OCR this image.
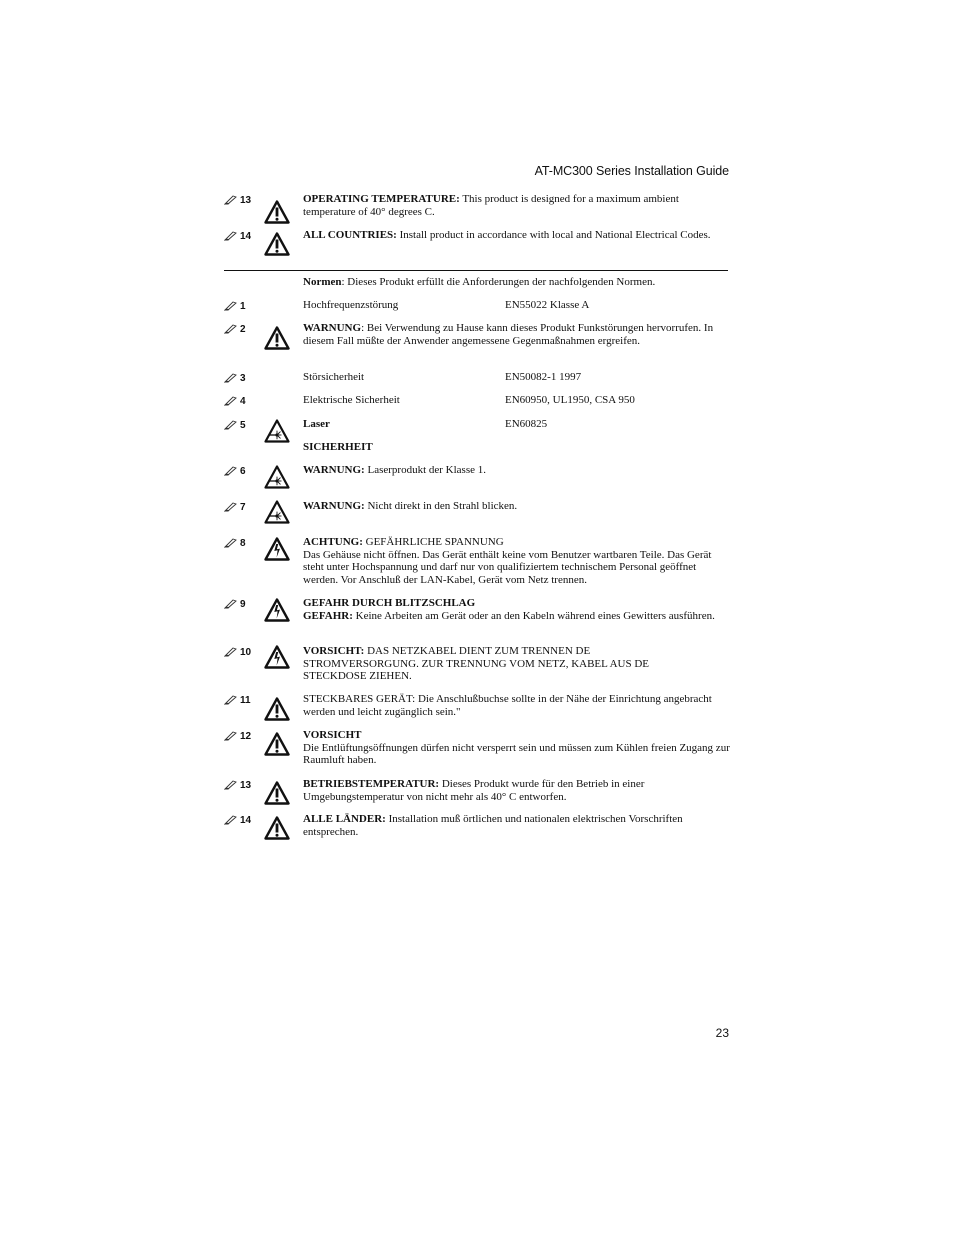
AT-MC300 Series Installation Guide
13	OPERATING TEMPERATURE: This product is designed for a maximum ambient temperature of 40° degrees C.
14	ALL COUNTRIES: Install product in accordance with local and National Electrical Codes.
Normen: Dieses Produkt erfüllt die Anforderungen der nachfolgenden Normen.
1	Hochfrequenzstörung	EN55022 Klasse A
2	WARNUNG: Bei Verwendung zu Hause kann dieses Produkt Funkstörungen hervorrufen. In diesem Fall müßte der Anwender angemessene Gegenmaßnahmen ergreifen.
3	Störsicherheit	EN50082-1 1997
4	Elektrische Sicherheit	EN60950, UL1950, CSA 950
5	Laser	EN60825
SICHERHEIT
6	WARNUNG: Laserprodukt der Klasse 1.
7	WARNUNG: Nicht direkt in den Strahl blicken.
8	ACHTUNG: GEFÄHRLICHE SPANNUNG
Das Gehäuse nicht öffnen. Das Gerät enthält keine vom Benutzer wartbaren Teile. Das Gerät steht unter Hochspannung und darf nur von qualifiziertem technischem Personal geöffnet werden. Vor Anschluß der LAN-Kabel, Gerät vom Netz trennen.
9	GEFAHR DURCH BLITZSCHLAG
GEFAHR: Keine Arbeiten am Gerät oder an den Kabeln während eines Gewitters ausführen.
10	VORSICHT: DAS NETZKABEL DIENT ZUM TRENNEN DE STROMVERSORGUNG. ZUR TRENNUNG VOM NETZ, KABEL AUS DE STECKDOSE ZIEHEN.
11	STECKBARES GERÄT: Die Anschlußbuchse sollte in der Nähe der Einrichtung angebracht werden und leicht zugänglich sein."
12	VORSICHT
Die Entlüftungsöffnungen dürfen nicht versperrt sein und müssen zum Kühlen freien Zugang zur Raumluft haben.
13	BETRIEBSTEMPERATUR: Dieses Produkt wurde für den Betrieb in einer Umgebungstemperatur von nicht mehr als 40° C entworfen.
14	ALLE LÄNDER: Installation muß örtlichen und nationalen elektrischen Vorschriften entsprechen.
23
